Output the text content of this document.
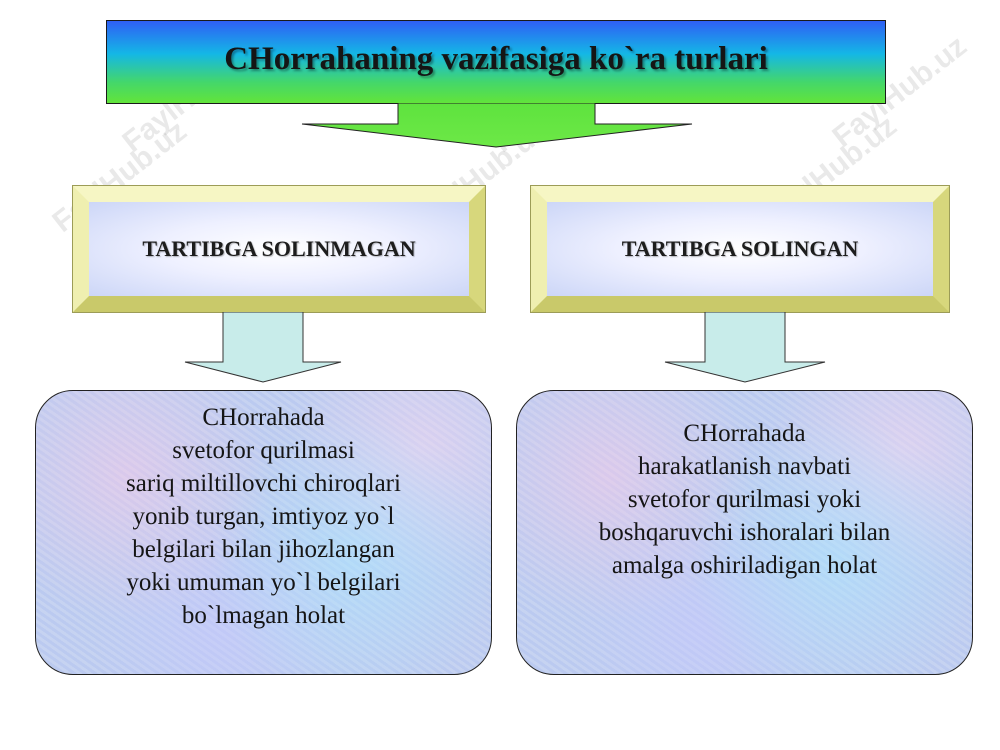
FaylHub.uz	FaylHub.uz	FaylHub.uz
FaylHub.uz
CHorrahaning vazifasiga ko`ra turlari
TARTIBGA SOLINMAGAN	TARTIBGA SOLINGAN
CHorrahada
svetofor qurilmasi
sariq miltillovchi chiroqlari
yonib turgan, imtiyoz yo`l
belgilari bilan jihozlangan
yoki umuman yo`l belgilari
bo`lmagan holat
CHorrahada
harakatlanish navbati
svetofor qurilmasi yoki
boshqaruvchi ishoralari bilan
amalga oshiriladigan holat
